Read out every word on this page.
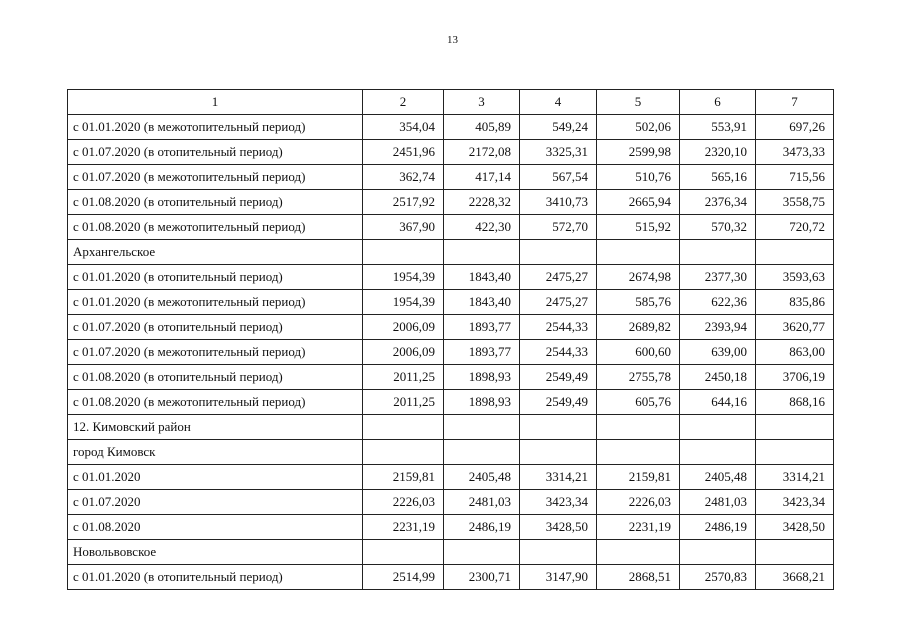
13
1	2	3	4	5	6	7
с 01.01.2020 (в межотопительный период)	354,04	405,89	549,24	502,06	553,91	697,26
с 01.07.2020 (в отопительный период)	2451,96	2172,08	3325,31	2599,98	2320,10	3473,33
с 01.07.2020 (в межотопительный период)	362,74	417,14	567,54	510,76	565,16	715,56
с 01.08.2020 (в отопительный период)	2517,92	2228,32	3410,73	2665,94	2376,34	3558,75
с 01.08.2020 (в межотопительный период)	367,90	422,30	572,70	515,92	570,32	720,72
Архангельское						
с 01.01.2020 (в отопительный период)	1954,39	1843,40	2475,27	2674,98	2377,30	3593,63
с 01.01.2020 (в межотопительный период)	1954,39	1843,40	2475,27	585,76	622,36	835,86
с 01.07.2020 (в отопительный период)	2006,09	1893,77	2544,33	2689,82	2393,94	3620,77
с 01.07.2020 (в межотопительный период)	2006,09	1893,77	2544,33	600,60	639,00	863,00
с 01.08.2020 (в отопительный период)	2011,25	1898,93	2549,49	2755,78	2450,18	3706,19
с 01.08.2020 (в межотопительный период)	2011,25	1898,93	2549,49	605,76	644,16	868,16
12. Кимовский район						
город Кимовск						
с 01.01.2020	2159,81	2405,48	3314,21	2159,81	2405,48	3314,21
с 01.07.2020	2226,03	2481,03	3423,34	2226,03	2481,03	3423,34
с 01.08.2020	2231,19	2486,19	3428,50	2231,19	2486,19	3428,50
Новольвовское						
с 01.01.2020 (в отопительный период)	2514,99	2300,71	3147,90	2868,51	2570,83	3668,21
